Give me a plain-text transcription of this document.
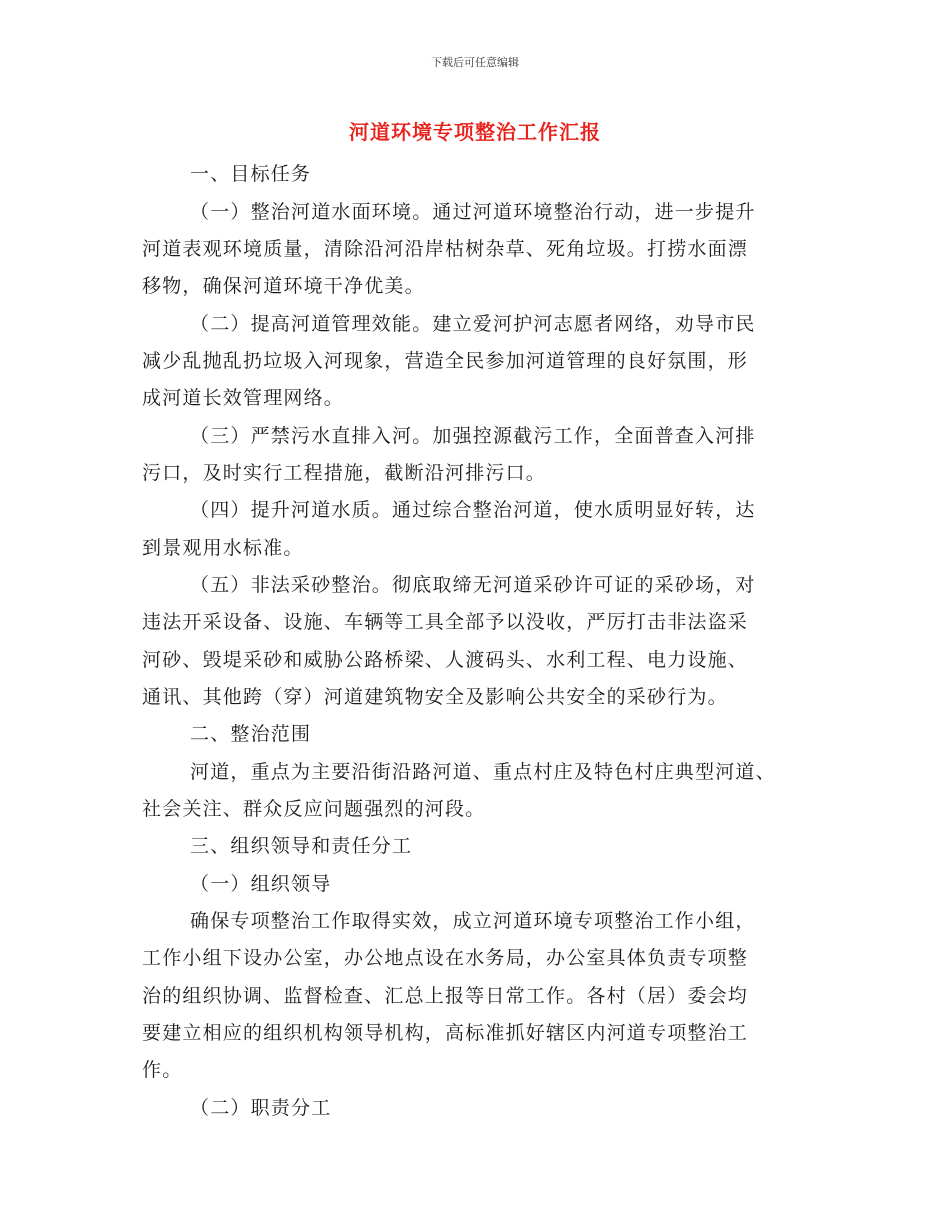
下载后可任意编辑
河道环境专项整治工作汇报
一、目标任务
（一）整治河道水面环境。通过河道环境整治行动，进一步提升
河道表观环境质量，清除沿河沿岸枯树杂草、死角垃圾。打捞水面漂
移物，确保河道环境干净优美。
（二）提高河道管理效能。建立爱河护河志愿者网络，劝导市民
减少乱抛乱扔垃圾入河现象，营造全民参加河道管理的良好氛围，形
成河道长效管理网络。
（三）严禁污水直排入河。加强控源截污工作，全面普查入河排
污口，及时实行工程措施，截断沿河排污口。
（四）提升河道水质。通过综合整治河道，使水质明显好转，达
到景观用水标准。
（五）非法采砂整治。彻底取缔无河道采砂许可证的采砂场，对
违法开采设备、设施、车辆等工具全部予以没收，严厉打击非法盗采
河砂、毁堤采砂和威胁公路桥梁、人渡码头、水利工程、电力设施、
通讯、其他跨（穿）河道建筑物安全及影响公共安全的采砂行为。
二、整治范围
河道，重点为主要沿街沿路河道、重点村庄及特色村庄典型河道、
社会关注、群众反应问题强烈的河段。
三、组织领导和责任分工
（一）组织领导
确保专项整治工作取得实效，成立河道环境专项整治工作小组，
工作小组下设办公室，办公地点设在水务局，办公室具体负责专项整
治的组织协调、监督检查、汇总上报等日常工作。各村（居）委会均
要建立相应的组织机构领导机构，高标准抓好辖区内河道专项整治工
作。
（二）职责分工
